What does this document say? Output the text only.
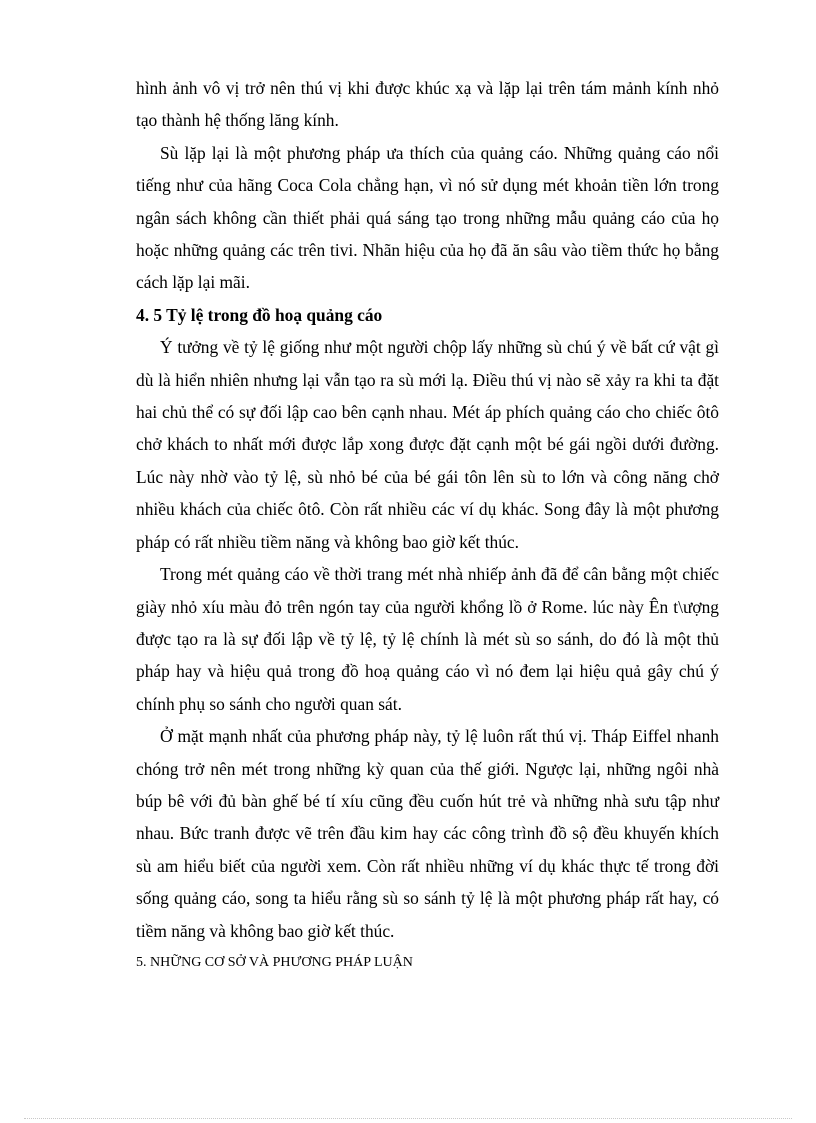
hình ảnh vô vị trở nên thú vị khi được khúc xạ và lặp lại trên tám mảnh kính nhỏ tạo thành hệ thống lăng kính.

Sù lặp lại là một phương pháp ưa thích của quảng cáo. Những quảng cáo nổi tiếng như của hãng Coca Cola chẳng hạn, vì nó sử dụng mét khoản tiền lớn trong ngân sách không cần thiết phải quá sáng tạo trong những mẫu quảng cáo của họ hoặc những quảng các trên tivi. Nhãn hiệu của họ đã ăn sâu vào tiềm thức họ bằng cách lặp lại mãi.

4. 5 Tỷ lệ trong đồ hoạ quảng cáo

Ý tưởng về tỷ lệ giống như một người chộp lấy những sù chú ý về bất cứ vật gì dù là hiển nhiên nhưng lại vẫn tạo ra sù mới lạ. Điều thú vị nào sẽ xảy ra khi ta đặt hai chủ thể có sự đối lập cao bên cạnh nhau. Mét áp phích quảng cáo cho chiếc ôtô chở khách to nhất mới được lắp xong được đặt cạnh một bé gái ngồi dưới đường. Lúc này nhờ vào tỷ lệ, sù nhỏ bé của bé gái tôn lên sù to lớn và công năng chở nhiều khách của chiếc ôtô. Còn rất nhiều các ví dụ khác. Song đây là một phương pháp có rất nhiều tiềm năng và không bao giờ kết thúc.

Trong mét quảng cáo về thời trang mét nhà nhiếp ảnh đã để cân bằng một chiếc giày nhỏ xíu màu đỏ trên ngón tay của người khổng lồ ở Rome. lúc này Ên t\ượng được tạo ra là sự đối lập về tỷ lệ, tỷ lệ chính là mét sù so sánh, do đó là một thủ pháp hay và hiệu quả trong đồ hoạ quảng cáo vì nó đem lại hiệu quả gây chú ý chính phụ so sánh cho người quan sát.

Ở mặt mạnh nhất của phương pháp này, tỷ lệ luôn rất thú vị. Tháp Eiffel nhanh chóng trở nên mét trong những kỳ quan của thế giới. Ngược lại, những ngôi nhà búp bê với đủ bàn ghế bé tí xíu cũng đều cuốn hút trẻ và những nhà sưu tập như nhau. Bức tranh được vẽ trên đầu kim hay các công trình đồ sộ đều khuyến khích sù am hiểu biết của người xem. Còn rất nhiều những ví dụ khác thực tế trong đời sống quảng cáo, song ta hiểu rằng sù so sánh tỷ lệ là một phương pháp rất hay, có tiềm năng và không bao giờ kết thúc.

5. NHỮNG CƠ SỞ VÀ PHƯƠNG PHÁP LUẬN
